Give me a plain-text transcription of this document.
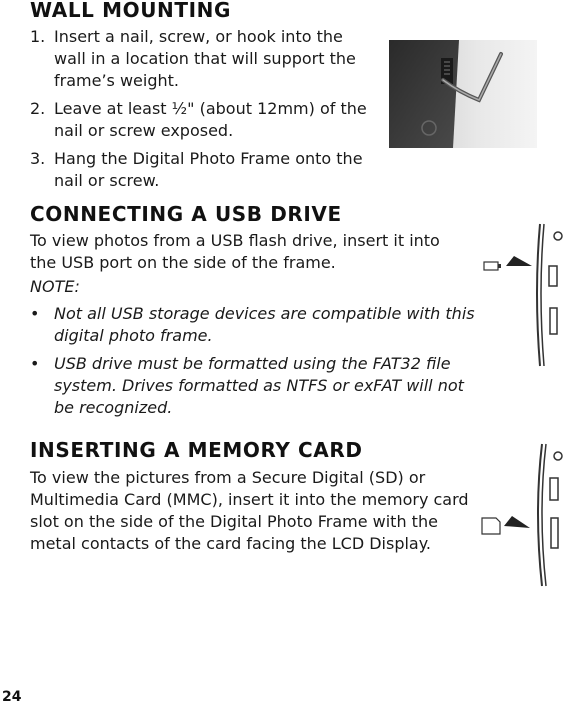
WALL MOUNTING
1. Insert a nail, screw, or hook into the wall in a location that will support the frame’s weight.
2. Leave at least ½" (about 12mm) of the nail or screw exposed.
3. Hang the Digital Photo Frame onto the nail or screw.
CONNECTING A USB DRIVE

To view photos from a USB flash drive, insert it into the USB port on the side of the frame.

NOTE:

• Not all USB storage devices are compatible with this digital photo frame.
• USB drive must be formatted using the FAT32 file system. Drives formatted as NTFS or exFAT will not be recognized.
INSERTING A MEMORY CARD

To view the pictures from a Secure Digital (SD) or Multimedia Card (MMC), insert it into the memory card slot on the side of the Digital Photo Frame with the metal contacts of the card facing the LCD Display.

24
